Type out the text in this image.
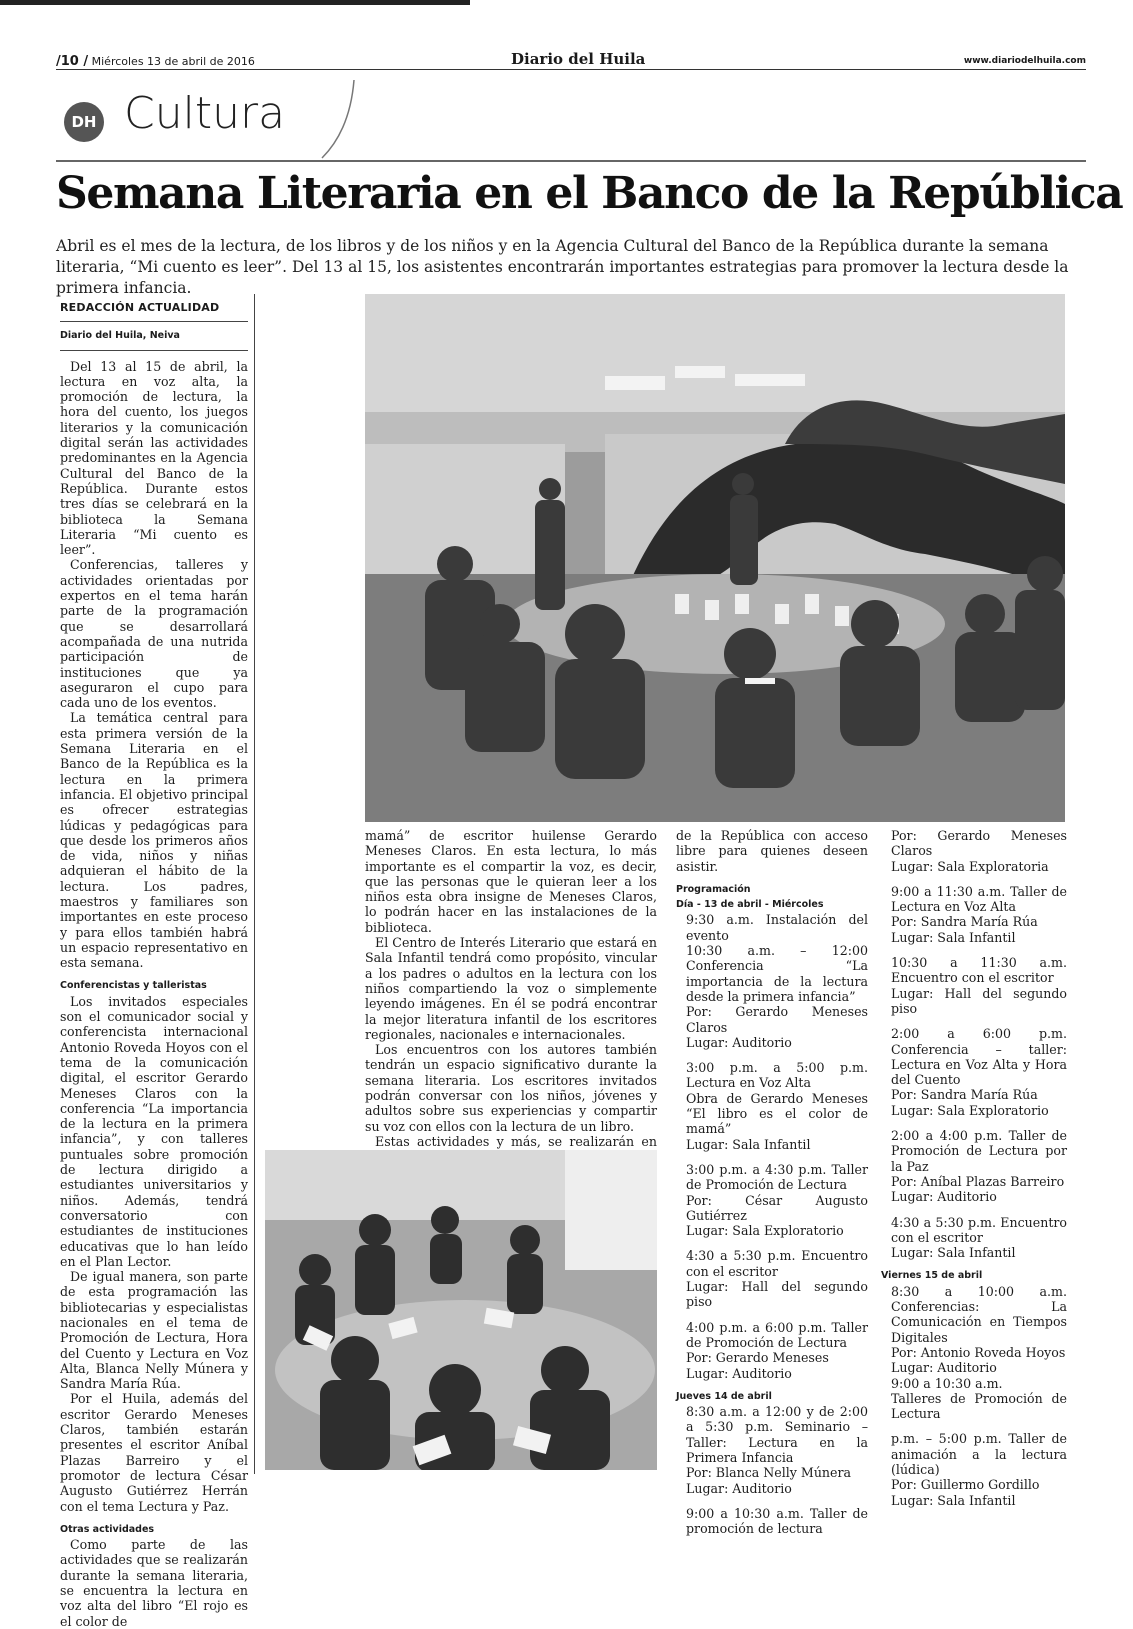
/10 / Miércoles 13 de abril de 2016	Diario del Huila	www.diariodelhuila.com
DH Cultura
Semana Literaria en el Banco de la República
Abril es el mes de la lectura, de los libros y de los niños y en la Agencia Cultural del Banco de la República durante la semana literaria, “Mi cuento es leer”. Del 13 al 15, los asistentes encontrarán importantes estrategias para promover la lectura desde la primera infancia.
REDACCIÓN ACTUALIDAD
Diario del Huila, Neiva

Del 13 al 15 de abril, la lectura en voz alta, la promoción de lectura, la hora del cuento, los juegos literarios y la comunicación digital serán las actividades predominantes en la Agencia Cultural del Banco de la República. Durante estos tres días se celebrará en la biblioteca la Semana Literaria “Mi cuento es leer”.

Conferencias, talleres y actividades orientadas por expertos en el tema harán parte de la programación que se desarrollará acompañada de una nutrida participación de instituciones que ya aseguraron el cupo para cada uno de los eventos.

La temática central para esta primera versión de la Semana Literaria en el Banco de la República es la lectura en la primera infancia. El objetivo principal es ofrecer estrategias lúdicas y pedagógicas para que desde los primeros años de vida, niños y niñas adquieran el hábito de la lectura. Los padres, maestros y familiares son importantes en este proceso y para ellos también habrá un espacio representativo en esta semana.

Conferencistas y talleristas

Los invitados especiales son el comunicador social y conferencista internacional Antonio Roveda Hoyos con el tema de la comunicación digital, el escritor Gerardo Meneses Claros con la conferencia “La importancia de la lectura en la primera infancia”, y con talleres puntuales sobre promoción de lectura dirigido a estudiantes universitarios y niños. Además, tendrá conversatorio con estudiantes de instituciones educativas que lo han leído en el Plan Lector.

De igual manera, son parte de esta programación las bibliotecarias y especialistas nacionales en el tema de Promoción de Lectura, Hora del Cuento y Lectura en Voz Alta, Blanca Nelly Múnera y Sandra María Rúa.

Por el Huila, además del escritor Gerardo Meneses Claros, también estarán presentes el escritor Aníbal Plazas Barreiro y el promotor de lectura César Augusto Gutiérrez Herrán con el tema Lectura y Paz.

Otras actividades

Como parte de las actividades que se realizarán durante la semana literaria, se encuentra la lectura en voz alta del libro “El rojo es el color de

mamá” de escritor huilense Gerardo Meneses Claros. En esta lectura, lo más importante es el compartir la voz, es decir, que las personas que le quieran leer a los niños esta obra insigne de Meneses Claros, lo podrán hacer en las instalaciones de la biblioteca.

El Centro de Interés Literario que estará en Sala Infantil tendrá como propósito, vincular a los padres o adultos en la lectura con los niños compartiendo la voz o simplemente leyendo imágenes. En él se podrá encontrar la mejor literatura infantil de los escritores regionales, nacionales e internacionales.

Los encuentros con los autores también tendrán un espacio significativo durante la semana literaria. Los escritores invitados podrán conversar con los niños, jóvenes y adultos sobre sus experiencias y compartir su voz con ellos con la lectura de un libro.

Estas actividades y más, se realizarán en

de la República con acceso libre para quienes deseen asistir.

Programación
Día - 13 de abril - Miércoles

9:30 a.m. Instalación del evento

10:30 a.m. – 12:00 Conferencia “La importancia de la lectura desde la primera infancia”

Por: Gerardo Meneses Claros

Lugar: Auditorio

3:00 p.m. a 5:00 p.m. Lectura en Voz Alta

Obra de Gerardo Meneses “El libro es el color de mamá”

Lugar: Sala Infantil

3:00 p.m. a 4:30 p.m. Taller de Promoción de Lectura

Por: César Augusto Gutiérrez

Lugar: Sala Exploratorio

4:30 a 5:30 p.m. Encuentro con el escritor

Lugar: Hall del segundo piso

4:00 p.m. a 6:00 p.m. Taller de Promoción de Lectura

Por: Gerardo Meneses

Lugar: Auditorio

Jueves 14 de abril

8:30 a.m. a 12:00 y de 2:00 a 5:30 p.m. Seminario – Taller: Lectura en la Primera Infancia

Por: Blanca Nelly Múnera

Lugar: Auditorio

9:00 a 10:30 a.m. Taller de promoción de lectura

Por: Gerardo Meneses Claros

Lugar: Sala Exploratoria

9:00 a 11:30 a.m. Taller de Lectura en Voz Alta

Por: Sandra María Rúa

Lugar: Sala Infantil

10:30 a 11:30 a.m. Encuentro con el escritor

Lugar: Hall del segundo piso

2:00 a 6:00 p.m. Conferencia – taller: Lectura en Voz Alta y Hora del Cuento

Por: Sandra María Rúa

Lugar: Sala Exploratorio

2:00 a 4:00 p.m. Taller de Promoción de Lectura por la Paz

Por: Aníbal Plazas Barreiro

Lugar: Auditorio

4:30 a 5:30 p.m. Encuentro con el escritor

Lugar: Sala Infantil

Viernes 15 de abril

8:30 a 10:00 a.m. Conferencias: La Comunicación en Tiempos Digitales

Por: Antonio Roveda Hoyos

Lugar: Auditorio

9:00 a 10:30 a.m.

Talleres de Promoción de Lectura

p.m. – 5:00 p.m. Taller de animación a la lectura (lúdica)

Por: Guillermo Gordillo

Lugar: Sala Infantil
